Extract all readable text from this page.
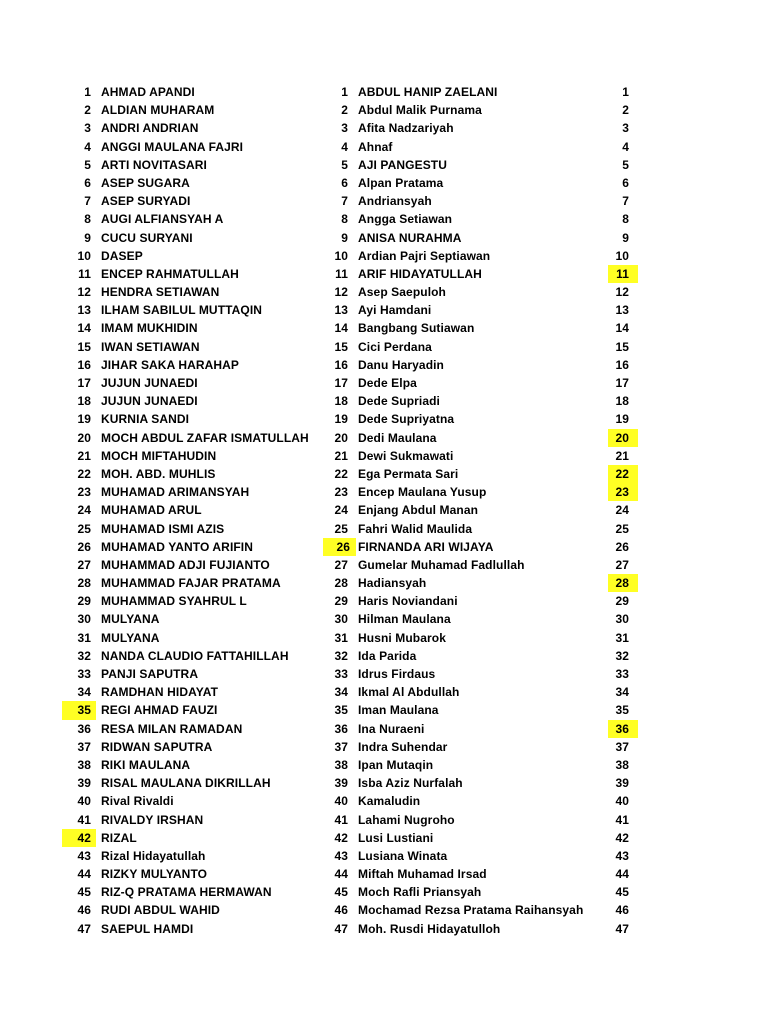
1 AHMAD APANDI	1 ABDUL HANIP ZAELANI	1
2 ALDIAN MUHARAM	2 Abdul Malik Purnama	2
3 ANDRI ANDRIAN	3 Afita Nadzariyah	3
4 ANGGI MAULANA FAJRI	4 Ahnaf	4
5 ARTI NOVITASARI	5 AJI PANGESTU	5
6 ASEP SUGARA	6 Alpan Pratama	6
7 ASEP SURYADI	7 Andriansyah	7
8 AUGI ALFIANSYAH A	8 Angga Setiawan	8
9 CUCU SURYANI	9 ANISA NURAHMA	9
10 DASEP	10 Ardian Pajri Septiawan	10
11 ENCEP RAHMATULLAH	11 ARIF HIDAYATULLAH	11
12 HENDRA SETIAWAN	12 Asep Saepuloh	12
13 ILHAM SABILUL MUTTAQIN	13 Ayi Hamdani	13
14 IMAM MUKHIDIN	14 Bangbang Sutiawan	14
15 IWAN SETIAWAN	15 Cici Perdana	15
16 JIHAR SAKA HARAHAP	16 Danu Haryadin	16
17 JUJUN JUNAEDI	17 Dede Elpa	17
18 JUJUN JUNAEDI	18 Dede Supriadi	18
19 KURNIA SANDI	19 Dede Supriyatna	19
20 MOCH ABDUL ZAFAR ISMATULLAH	20 Dedi Maulana	20
21 MOCH MIFTAHUDIN	21 Dewi Sukmawati	21
22 MOH. ABD. MUHLIS	22 Ega Permata Sari	22
23 MUHAMAD ARIMANSYAH	23 Encep Maulana Yusup	23
24 MUHAMAD ARUL	24 Enjang Abdul Manan	24
25 MUHAMAD ISMI AZIS	25 Fahri Walid Maulida	25
26 MUHAMAD YANTO ARIFIN	26 FIRNANDA ARI WIJAYA	26
27 MUHAMMAD ADJI FUJIANTO	27 Gumelar Muhamad Fadlullah	27
28 MUHAMMAD FAJAR PRATAMA	28 Hadiansyah	28
29 MUHAMMAD SYAHRUL L	29 Haris Noviandani	29
30 MULYANA	30 Hilman Maulana	30
31 MULYANA	31 Husni Mubarok	31
32 NANDA CLAUDIO FATTAHILLAH	32 Ida Parida	32
33 PANJI SAPUTRA	33 Idrus Firdaus	33
34 RAMDHAN HIDAYAT	34 Ikmal Al Abdullah	34
35 REGI AHMAD FAUZI	35 Iman Maulana	35
36 RESA MILAN RAMADAN	36 Ina Nuraeni	36
37 RIDWAN SAPUTRA	37 Indra Suhendar	37
38 RIKI MAULANA	38 Ipan Mutaqin	38
39 RISAL MAULANA DIKRILLAH	39 Isba Aziz Nurfalah	39
40 Rival Rivaldi	40 Kamaludin	40
41 RIVALDY IRSHAN	41 Lahami Nugroho	41
42 RIZAL	42 Lusi Lustiani	42
43 Rizal Hidayatullah	43 Lusiana Winata	43
44 RIZKY MULYANTO	44 Miftah Muhamad Irsad	44
45 RIZ-Q PRATAMA HERMAWAN	45 Moch Rafli Priansyah	45
46 RUDI ABDUL WAHID	46 Mochamad Rezsa Pratama Raihansyah	46
47 SAEPUL HAMDI	47 Moh. Rusdi Hidayatulloh	47
